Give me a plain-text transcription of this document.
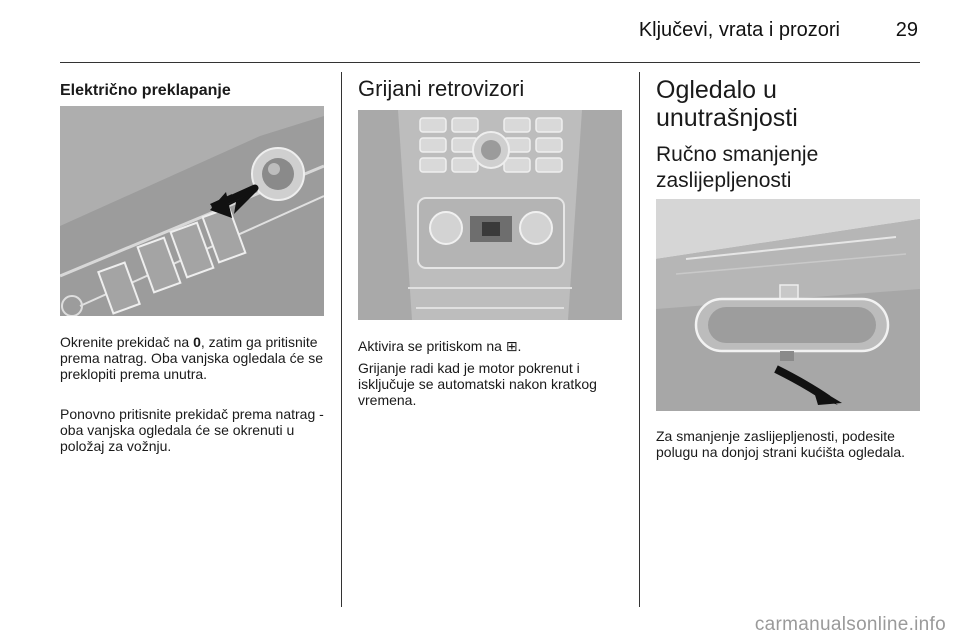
Ključevi, vrata i prozori	29
Električno preklapanje

Okrenite prekidač na 0, zatim ga pritisnite prema natrag. Oba vanjska ogledala će se preklopiti prema unutra.

Ponovno pritisnite prekidač prema natrag - oba vanjska ogledala će se okrenuti u položaj za vožnju.

Grijani retrovizori

Aktivira se pritiskom na ⊞.

Grijanje radi kad je motor pokrenut i isključuje se automatski nakon kratkog vremena.

Ogledalo u unutrašnjosti
Ručno smanjenje zaslijepljenosti

Za smanjenje zaslijepljenosti, podesite polugu na donjoj strani kućišta ogledala.

carmanualsonline.info
